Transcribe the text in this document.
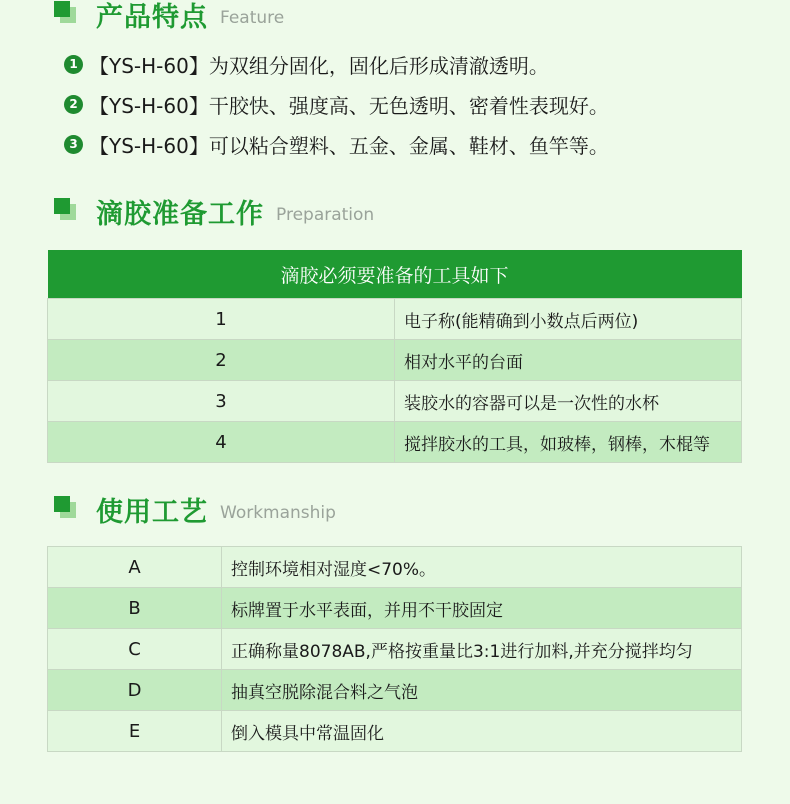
产品特点 Feature
1 【YS-H-60】为双组分固化，固化后形成清澈透明。
2 【YS-H-60】干胶快、强度高、无色透明、密着性表现好。
3 【YS-H-60】可以粘合塑料、五金、金属、鞋材、鱼竿等。
滴胶准备工作 Preparation
滴胶必须要准备的工具如下	
1	电子称(能精确到小数点后两位)
2	相对水平的台面
3	装胶水的容器可以是一次性的水杯
4	搅拌胶水的工具，如玻棒，钢棒，木棍等
使用工艺 Workmanship
A	控制环境相对湿度<70%。
B	标牌置于水平表面，并用不干胶固定
C	正确称量8078AB,严格按重量比3:1进行加料,并充分搅拌均匀
D	抽真空脱除混合料之气泡
E	倒入模具中常温固化
